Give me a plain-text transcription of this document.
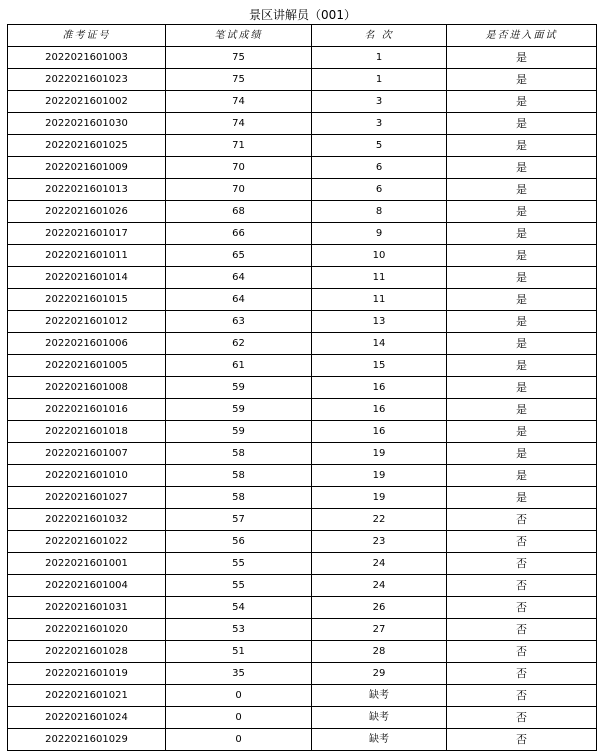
景区讲解员（001）
准考证号	笔试成绩	名 次	是否进入面试
2022021601003	75	1	是
2022021601023	75	1	是
2022021601002	74	3	是
2022021601030	74	3	是
2022021601025	71	5	是
2022021601009	70	6	是
2022021601013	70	6	是
2022021601026	68	8	是
2022021601017	66	9	是
2022021601011	65	10	是
2022021601014	64	11	是
2022021601015	64	11	是
2022021601012	63	13	是
2022021601006	62	14	是
2022021601005	61	15	是
2022021601008	59	16	是
2022021601016	59	16	是
2022021601018	59	16	是
2022021601007	58	19	是
2022021601010	58	19	是
2022021601027	58	19	是
2022021601032	57	22	否
2022021601022	56	23	否
2022021601001	55	24	否
2022021601004	55	24	否
2022021601031	54	26	否
2022021601020	53	27	否
2022021601028	51	28	否
2022021601019	35	29	否
2022021601021	0	缺考	否
2022021601024	0	缺考	否
2022021601029	0	缺考	否
